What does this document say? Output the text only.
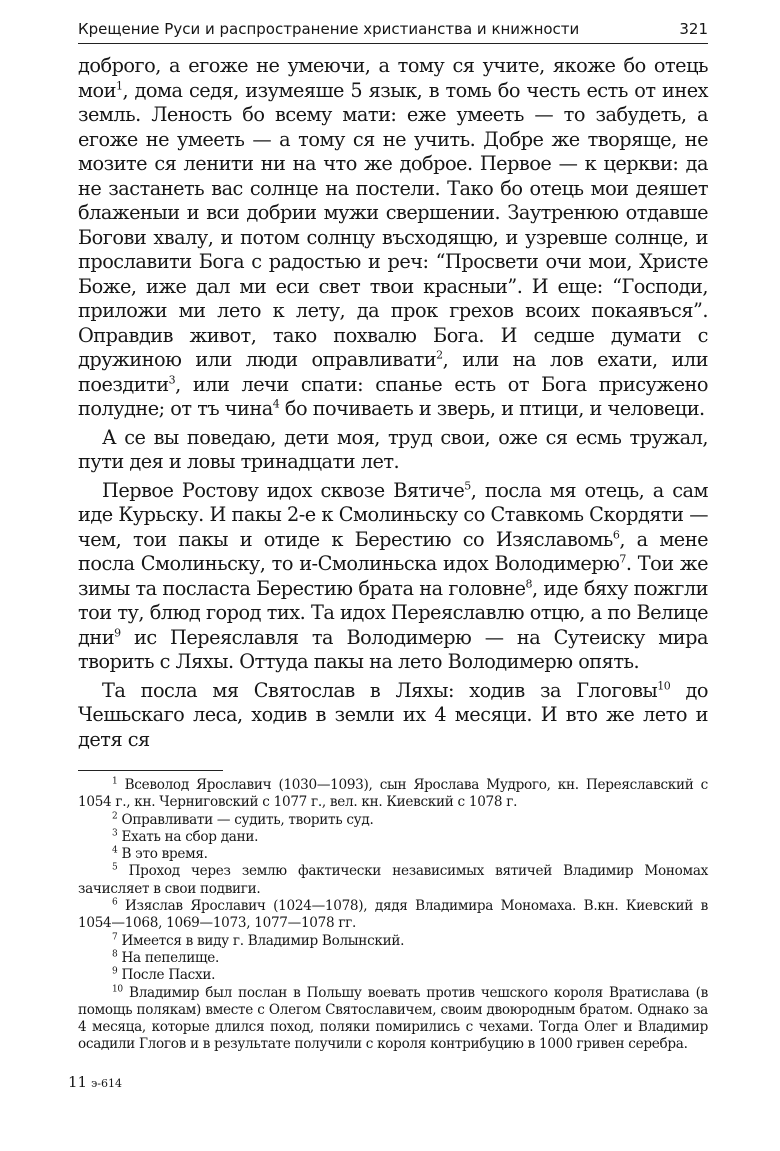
Крещение Руси и распространение христианства и книжности	321

доброго, а егоже не умеючи, а тому ся учите, якоже бо отець мои$^1$, дома седя, изумеяше 5 язык, в томь бо честь есть от инех земль. Леность бо всему мати: еже умееть — то забудеть, а егоже не умееть — а тому ся не учить. Добре же творяще, не мозите ся ленити ни на что же доброе. Первое — к церкви: да не застанеть вас солнце на постели. Тако бо отець мои деяшет блаженыи и вси добрии мужи свершении. Заутренюю отдавше Богови хвалу, и потом солнцу въсходящю, и узревше солнце, и прославити Бога с радостью и реч: “Просвети очи мои, Христе Боже, иже дал ми еси свет твои красныи”. И еще: “Господи, приложи ми лето к лету, да прок грехов всоих покаявъся”. Оправдив живот, тако похвалю Бога. И седше думати с дружиною или люди оправливати$^2$, или на лов ехати, или поездити$^3$, или лечи спати: спанье есть от Бога присужено полудне; от тъ чина$^4$ бо почиваеть и зверь, и птици, и человеци.

А се вы поведаю, дети моя, труд свои, оже ся есмь тружал, пути дея и ловы тринадцати лет.

Первое Ростову идох сквозе Вятиче$^5$, посла мя отець, а сам иде Курьску. И пакы 2-е к Смолиньску со Ставкомь Скордяти — чем, тои пакы и отиде к Берестию со Изяславомь$^6$, а мене посла Смолиньску, то и-Смолиньска идох Володимерю$^7$. Тои же зимы та посласта Берестию брата на головне$^8$, иде бяху пожгли тои ту, блюд город тих. Та идох Переяславлю отцю, а по Велице дни$^9$ ис Переяславля та Володимерю — на Сутеиску мира творить с Ляхы. Оттуда пакы на лето Володимерю опять.

Та посла мя Святослав в Ляхы: ходив за Глоговы$^{10}$ до Чешьскаго леса, ходив в земли их 4 месяци. И вто же лето и детя ся

$^1$ Всеволод Ярославич (1030—1093), сын Ярослава Мудрого, кн. Переяславский с 1054 г., кн. Черниговский с 1077 г., вел. кн. Киевский с 1078 г.

$^2$ Оправливати — судить, творить суд.

$^3$ Ехать на сбор дани.

$^4$ В это время.

$^5$ Проход через землю фактически независимых вятичей Владимир Мономах зачисляет в свои подвиги.

$^6$ Изяслав Ярославич (1024—1078), дядя Владимира Мономаха. В.кн. Киевский в 1054—1068, 1069—1073, 1077—1078 гг.

$^7$ Имеется в виду г. Владимир Волынский.

$^8$ На пепелище.

$^9$ После Пасхи.

$^{10}$ Владимир был послан в Польшу воевать против чешского короля Вратислава (в помощь полякам) вместе с Олегом Святославичем, своим двоюродным братом. Однако за 4 месяца, которые длился поход, поляки помирились с чехами. Тогда Олег и Владимир осадили Глогов и в результате получили с короля контрибуцию в 1000 гривен серебра.

11 э-614
